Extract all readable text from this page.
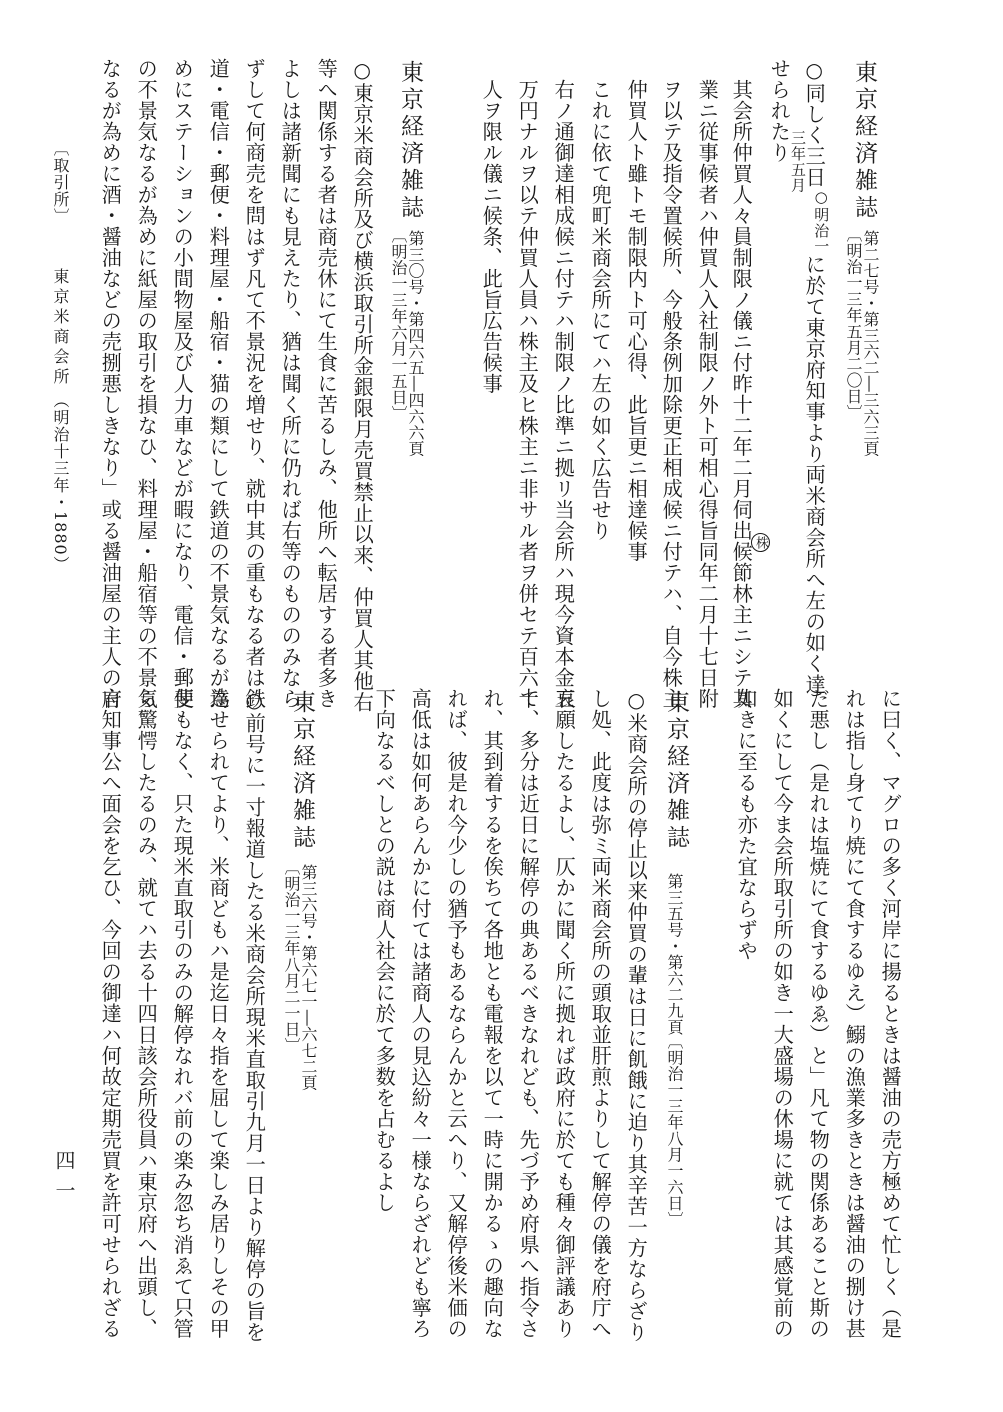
東京経済雑誌
第二七号・第三六二―三六三頁
〔明治一三年五月二〇日〕
○同しく三日
○明治一
に於て東京府知事より両米商会所へ左の如く達
三年五月
せられたり
其会所仲買人々員制限ノ儀ニ付昨十二年二月伺出候節林主ニシテ其 株
業ニ従事候者ハ仲買人入社制限ノ外ト可相心得旨同年二月十七日附
ヲ以テ及指令置候所、今般条例加除更正相成候ニ付テハ、自今株主
仲買人ト雖トモ制限内ト可心得、此旨更ニ相達候事
これに依て兜町米商会所にてハ左の如く広告せり
右ノ通御達相成候ニ付テハ制限ノ比準ニ拠リ当会所ハ現今資本金五
万円ナルヲ以テ仲買人員ハ株主及ヒ株主ニ非サル者ヲ併セテ百六十
人ヲ限ル儀ニ候条、此旨広告候事
東京経済雑誌
第三〇号・第四六五―四六六頁
〔明治一三年六月一五日〕
○東京米商会所及び横浜取引所金銀限月売買禁止以来、仲買人其他右
等へ関係する者は商売休にて生食に苦るしみ、他所へ転居する者多き
よしは諸新聞にも見えたり、猶は聞く所に仍れば右等のもののみなら
ずして何商売を問はず凡て不景況を増せり、就中其の重もなる者は鉄
道・電信・郵便・料理屋・船宿・猫の類にして鉄道の不景気なるが為
めにステーションの小間物屋及び人力車などが暇になり、電信・郵便
の不景気なるが為めに紙屋の取引を損なひ、料理屋・船宿等の不景気
なるが為めに酒・醤油などの売捌悪しきなり」或る醤油屋の主人の言
〔取引所〕
東京米商会所
（明治十三年・1880）
に曰く、マグロの多く河岸に揚るときは醤油の売方極めて忙しく（是
れは指し身てり焼にて食するゆえ）鰯の漁業多きときは醤油の捌け甚
だ悪し（是れは塩焼にて食するゆゑ）と」凡て物の関係あること斯の
如くにして今ま会所取引所の如き一大盛場の休場に就ては其感覚前の
如きに至るも亦た宜ならずや
東京経済雑誌
第三五号・第六二九頁
〔明治一三年八月一六日〕
○米商会所の停止以来仲買の輩は日に飢餓に迫り其辛苦一方ならざり
し処、此度は弥ミ両米商会所の頭取並肝煎よりして解停の儀を府庁へ
哀願したるよし、仄かに聞く所に拠れば政府に於ても種々御評議あり
て、多分は近日に解停の典あるべきなれども、先づ予め府県へ指令さ
れ、其到着するを俟ちて各地とも電報を以て一時に開かるゝの趣向な
れば、彼是れ今少しの猶予もあるならんかと云へり、又解停後米価の
高低は如何あらんかに付ては諸商人の見込紛々一様ならざれども寧ろ
下向なるべしとの説は商人社会に於て多数を占むるよし
東京経済雑誌
第三六号・第六七一―六七二頁
〔明治一三年八月二一日〕
○前号に一寸報道したる米商会所現米直取引九月一日より解停の旨を
達せられてより、米商どもハ是迄日々指を屈して楽しみ居りしその甲
斐もなく、只た現米直取引のみの解停なれバ前の楽み忽ち消ゑて只管
ら驚愕したるのみ、就てハ去る十四日該会所役員ハ東京府へ出頭し、
府知事公へ面会を乞ひ、今回の御達ハ何故定期売買を許可せられざる
四一
